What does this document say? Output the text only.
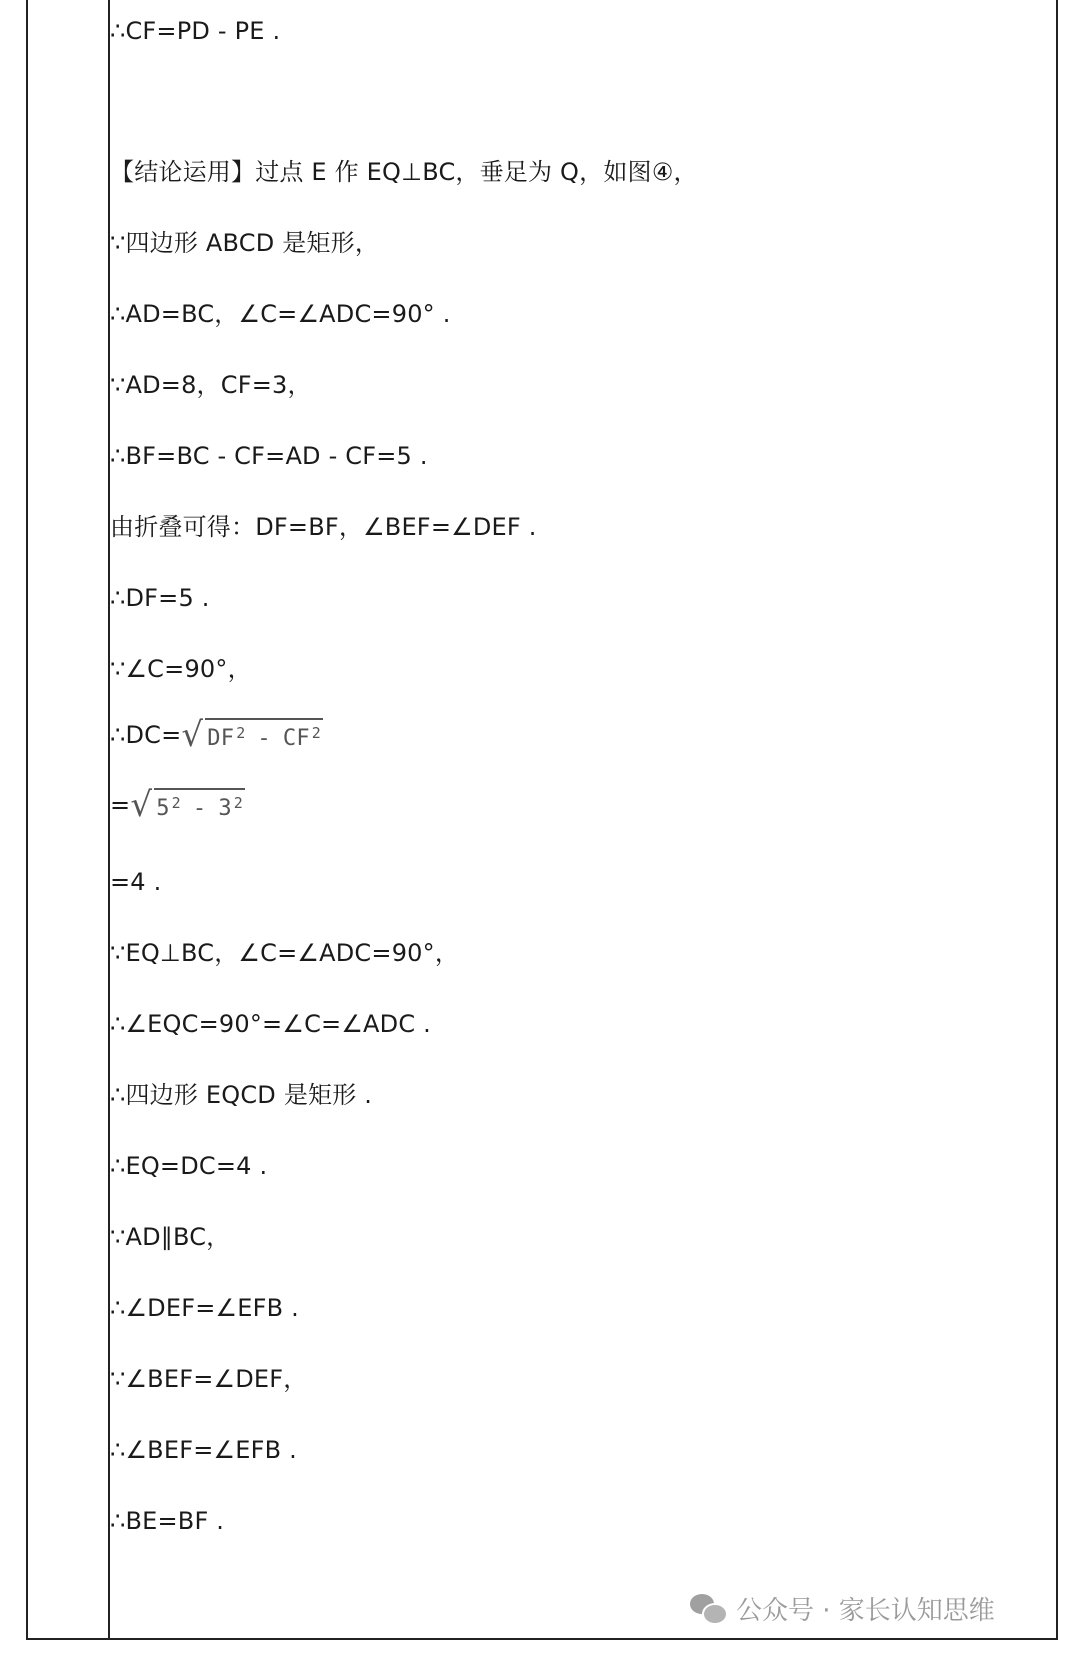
∴CF=PD - PE .
【结论运用】过点 E 作 EQ⊥BC，垂足为 Q，如图④，
∵四边形 ABCD 是矩形，
∴AD=BC，∠C=∠ADC=90° .
∵AD=8，CF=3，
∴BF=BC - CF=AD - CF=5 .
由折叠可得：DF=BF，∠BEF=∠DEF .
∴DF=5 .
∵∠C=90°，
∴DC= √ DF 2 - CF 2
= √ 5 2 - 3 2
=4 .
∵EQ⊥BC，∠C=∠ADC=90°，
∴∠EQC=90°=∠C=∠ADC .
∴四边形 EQCD 是矩形 .
∴EQ=DC=4 .
∵AD∥BC，
∴∠DEF=∠EFB .
∵∠BEF=∠DEF，
∴∠BEF=∠EFB .
∴BE=BF .
公众号 · 家长认知思维
